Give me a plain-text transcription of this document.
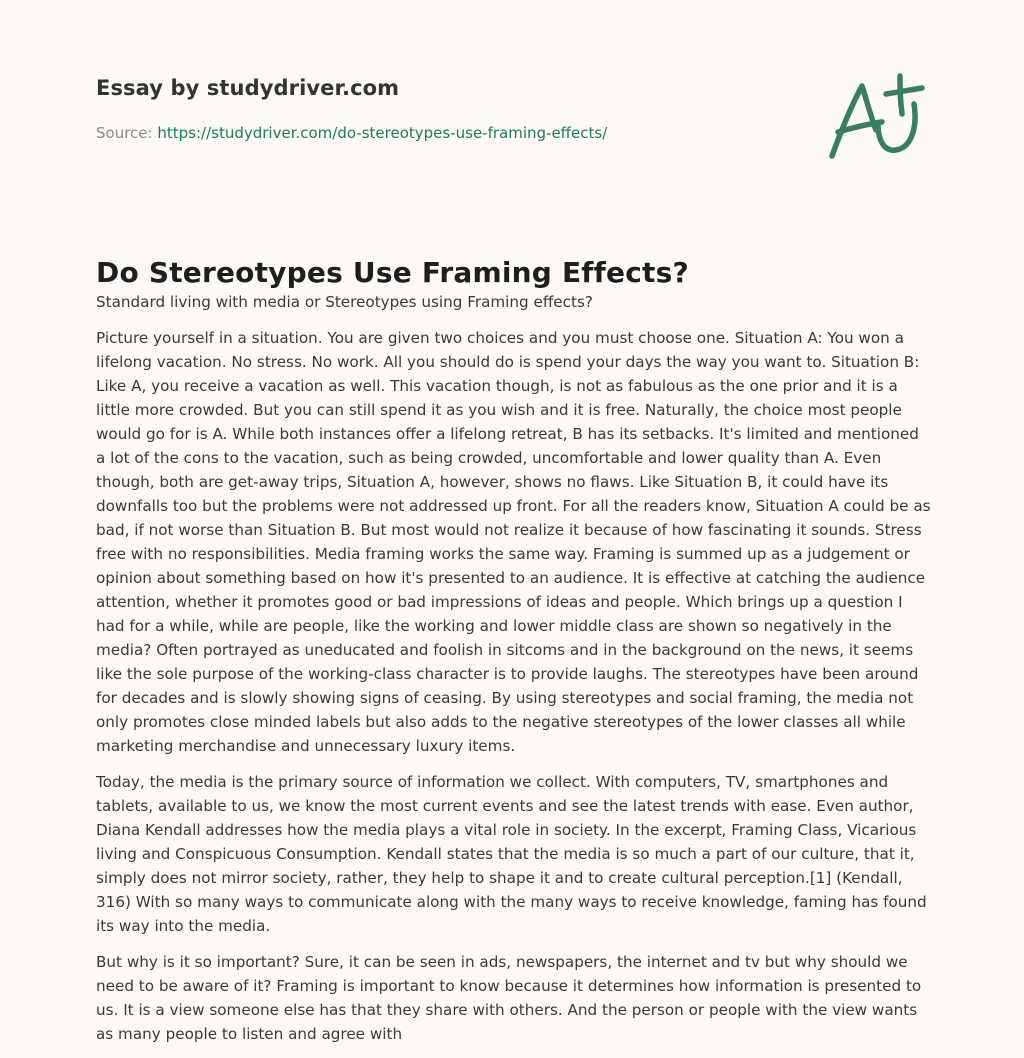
Essay by studydriver.com
Source: https://studydriver.com/do-stereotypes-use-framing-effects/
Do Stereotypes Use Framing Effects?

Standard living with media or Stereotypes using Framing effects?

Picture yourself in a situation. You are given two choices and you must choose one. Situation A: You won a lifelong vacation. No stress. No work. All you should do is spend your days the way you want to. Situation B: Like A, you receive a vacation as well. This vacation though, is not as fabulous as the one prior and it is a little more crowded. But you can still spend it as you wish and it is free. Naturally, the choice most people would go for is A. While both instances offer a lifelong retreat, B has its setbacks. It's limited and mentioned a lot of the cons to the vacation, such as being crowded, uncomfortable and lower quality than A. Even though, both are get-away trips, Situation A, however, shows no flaws. Like Situation B, it could have its downfalls too but the problems were not addressed up front. For all the readers know, Situation A could be as bad, if not worse than Situation B. But most would not realize it because of how fascinating it sounds. Stress free with no responsibilities. Media framing works the same way. Framing is summed up as a judgement or opinion about something based on how it's presented to an audience. It is effective at catching the audience attention, whether it promotes good or bad impressions of ideas and people. Which brings up a question I had for a while, while are people, like the working and lower middle class are shown so negatively in the media? Often portrayed as uneducated and foolish in sitcoms and in the background on the news, it seems like the sole purpose of the working-class character is to provide laughs. The stereotypes have been around for decades and is slowly showing signs of ceasing. By using stereotypes and social framing, the media not only promotes close minded labels but also adds to the negative stereotypes of the lower classes all while marketing merchandise and unnecessary luxury items.

Today, the media is the primary source of information we collect. With computers, TV, smartphones and tablets, available to us, we know the most current events and see the latest trends with ease. Even author, Diana Kendall addresses how the media plays a vital role in society. In the excerpt, Framing Class, Vicarious living and Conspicuous Consumption. Kendall states that the media is so much a part of our culture, that it, simply does not mirror society, rather, they help to shape it and to create cultural perception.[1] (Kendall, 316) With so many ways to communicate along with the many ways to receive knowledge, faming has found its way into the media.

But why is it so important? Sure, it can be seen in ads, newspapers, the internet and tv but why should we need to be aware of it? Framing is important to know because it determines how information is presented to us. It is a view someone else has that they share with others. And the person or people with the view wants as many people to listen and agree with
